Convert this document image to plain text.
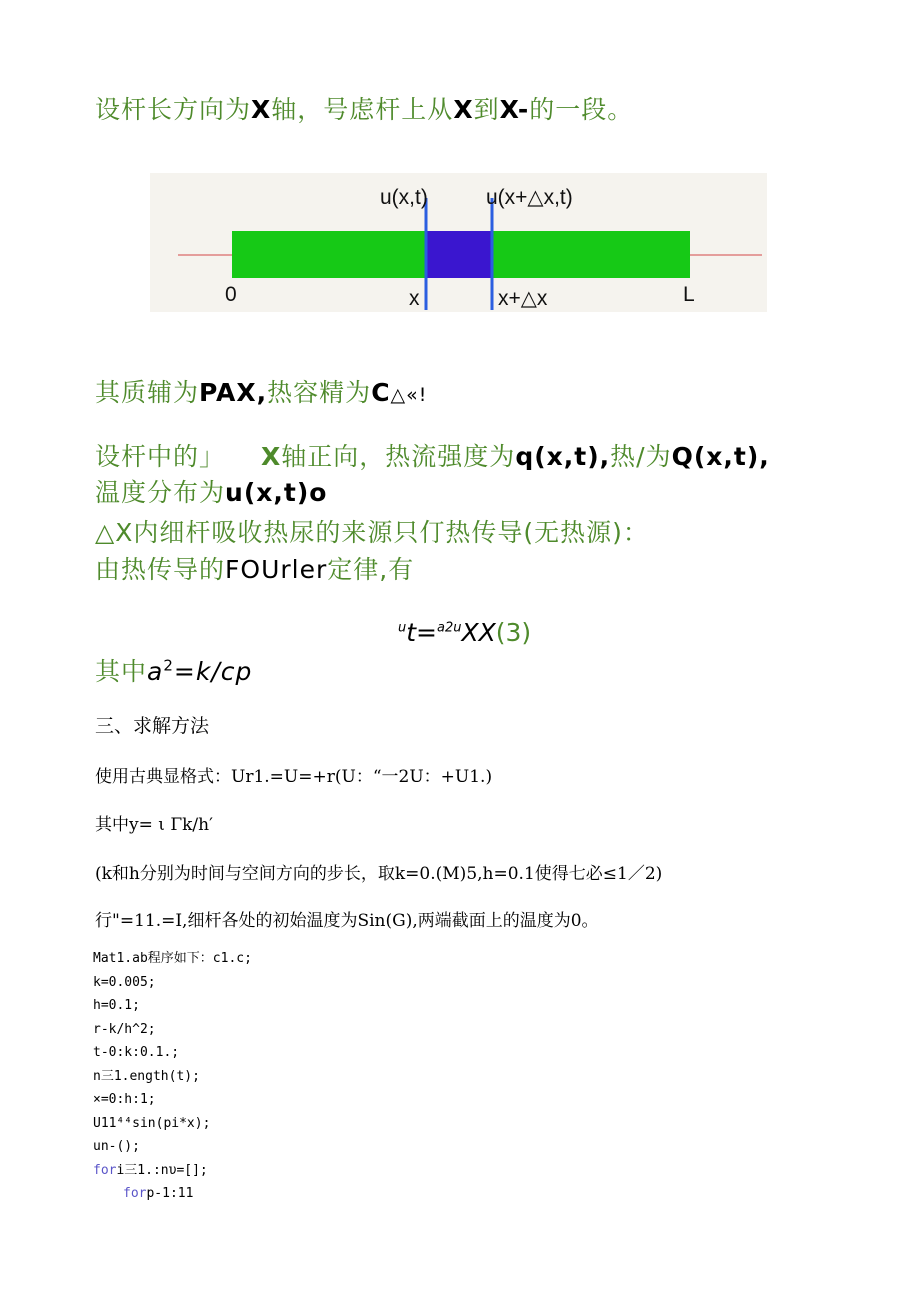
设杆长方向为X轴，号虑杆上从X到X-的一段。
u(x,t)	u(x+△x,t)
0	x	x+△x	L
其质辅为PAX,热容精为C△«!
设杆中的」 X轴正向，热流强度为q(x,t),热/为Q(x,t),
温度分布为u(x,t)o
△X内细杆吸收热尿的来源只仃热传导(无热源)：
由热传导的FOUrler定律,有
$^u$t=$^{a2u}$XX(3)
其中$a^2=k∕cp$
三、求解方法
使用古典显格式：Ur1.=U=+r(U：“一2U：+U1.)
其中y= ι Γk∕h′
(k和h分别为时间与空间方向的步长，取k=0.(M)5,h=0.1使得七必≤1／2)
行"=11.=I,细杆各处的初始温度为Sin(G),两端截面上的温度为0。
Mat1.ab程序如下：c1.c;
k=0.005;
h=0.1;
r-k/h^2;
t-0:k:0.1.;
n三1.ength(t);
×=0:h:1;
U11⁴⁴sin(pi*x);
un-();
fori三1.:nυ=[];
forp-1:11
